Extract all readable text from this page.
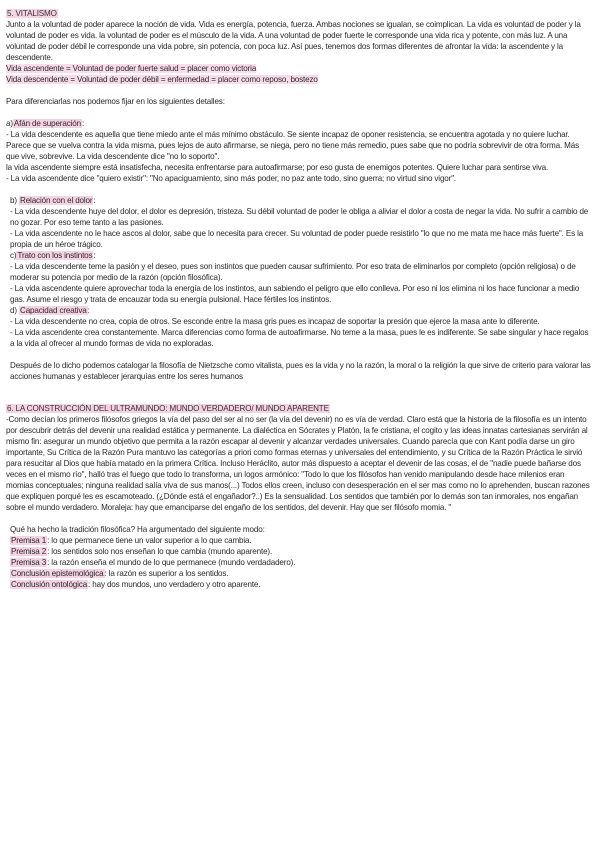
5. VITALISMO

Junto a la voluntad de poder aparece la noción de vida. Vida es energía, potencia, fuerza. Ambas nociones se igualan, se coimplican. La vida es voluntad de poder y la voluntad de poder es vida. la voluntad de poder es el músculo de la vida. A una voluntad de poder fuerte le corresponde una vida rica y potente, con más luz. A una voluntad de poder débil le corresponde una vida pobre, sin potencia, con poca luz. Así pues, tenemos dos formas diferentes de afrontar la vida: la ascendente y la descendente.

Vida ascendente = Voluntad de poder fuerte salud = placer como victoria

Vida descendente = Voluntad de poder débil = enfermedad = placer como reposo, bostezo

Para diferenciarlas nos podemos fijar en los siguientes detalles:

a)Afán de superación:

- La vida descendente es aquella que tiene miedo ante el más mínimo obstáculo. Se siente incapaz de oponer resistencia, se encuentra agotada y no quiere luchar. Parece que se vuelva contra la vida misma, pues lejos de auto afirmarse, se niega, pero no tiene más remedio, pues sabe que no podría sobrevivir de otra forma. Más que vive, sobrevive. La vida descendente dice "no lo soporto".

la vida ascendente siempre está insatisfecha, necesita enfrentarse para autoafirmarse; por eso gusta de enemigos potentes. Quiere luchar para sentirse viva.

- La vida ascendente dice "quiero existir": "No apaciguamiento, sino más poder, no paz ante todo, sino guerra; no virtud sino vigor".

b) Relación con el dolor:

- La vida descendente huye del dolor, el dolor es depresión, tristeza. Su débil voluntad de poder le obliga a aliviar el dolor a costa de negar la vida. No sufrir a cambio de no gozar. Por eso teme tanto a las pasiones.

- La vida ascendente no le hace ascos al dolor, sabe que lo necesita para crecer. Su voluntad de poder puede resistirlo "lo que no me mata me hace más fuerte". Es la propia de un héroe trágico.

c)Trato con los instintos:

- La vida descendente teme la pasión y el deseo, pues son instintos que pueden causar sufrimiento. Por eso trata de eliminarlos por completo (opción religiosa) o de moderar su potencia por medio de la razón (opción filosófica).

- La vida ascendente quiere aprovechar toda la energía de los instintos, aun sabiendo el peligro que ello conlleva. Por eso ni los elimina ni los hace funcionar a medio gas. Asume el riesgo y trata de encauzar toda su energía pulsional. Hace fértiles los instintos.

d) Capacidad creativa:

- La vida descendente no crea, copia de otros. Se esconde entre la masa gris pues es incapaz de soportar la presión que ejerce la masa ante lo diferente.

- La vida ascendente crea constantemente. Marca diferencias como forma de autoafirmarse. No teme a la masa, pues le es indiferente. Se sabe singular y hace regalos a la vida al ofrecer al mundo formas de vida no exploradas.

Después de lo dicho podemos catalogar la filosofía de Nietzsche como vitalista, pues es la vida y no la razón, la moral o la religión la que sirve de criterio para valorar las acciones humanas y establecer jerarquías entre los seres humanos

6. LA CONSTRUCCIÓN DEL ULTRAMUNDO: MUNDO VERDADERO/ MUNDO APARENTE

-Como decían los primeros filósofos griegos la vía del paso del ser al no ser (la vía del devenir) no es vía de verdad. Claro está que la historia de la filosofía es un intento por descubrir detrás del devenir una realidad estática y permanente. La dialéctica en Sócrates y Platón, la fe cristiana, el cogito y las ideas innatas cartesianas servirán al mismo fin: asegurar un mundo objetivo que permita a la razón escapar al devenir y alcanzar verdades universales. Cuando parecía que con Kant podía darse un giro importante, Su Crítica de la Razón Pura mantuvo las categorías a priori como formas eternas y universales del entendimiento, y su Crítica de la Razón Práctica le sirvió para resucitar al Dios que había matado en la primera Crítica. Incluso Heráclito, autor más dispuesto a aceptar el devenir de las cosas, el de "nadie puede bañarse dos veces en el mismo río", halló tras el fuego que todo lo transforma, un logos armónico: "Todo lo que los filósofos han venido manipulando desde hace milenios eran momias conceptuales; ninguna realidad salía viva de sus manos(...) Todos ellos creen, incluso con desesperación en el ser mas como no lo aprehenden, buscan razones que expliquen porqué les es escamoteado. (¿Dónde está el engañador?..) Es la sensualidad. Los sentidos que también por lo demás son tan inmorales, nos engañan sobre el mundo verdadero. Moraleja: hay que emanciparse del engaño de los sentidos, del devenir. Hay que ser filósofo momia. "

Qué ha hecho la tradición filosófica? Ha argumentado del siguiente modo:

Premisa 1: lo que permanece tiene un valor superior a lo que cambia.

Premisa 2: los sentidos solo nos enseñan lo que cambia (mundo aparente).

Premisa 3: la razón enseña el mundo de lo que permanece (mundo verdadadero).

Conclusión epistemológica: la razón es superior a los sentidos.

Conclusión ontológica: hay dos mundos, uno verdadero y otro aparente.
